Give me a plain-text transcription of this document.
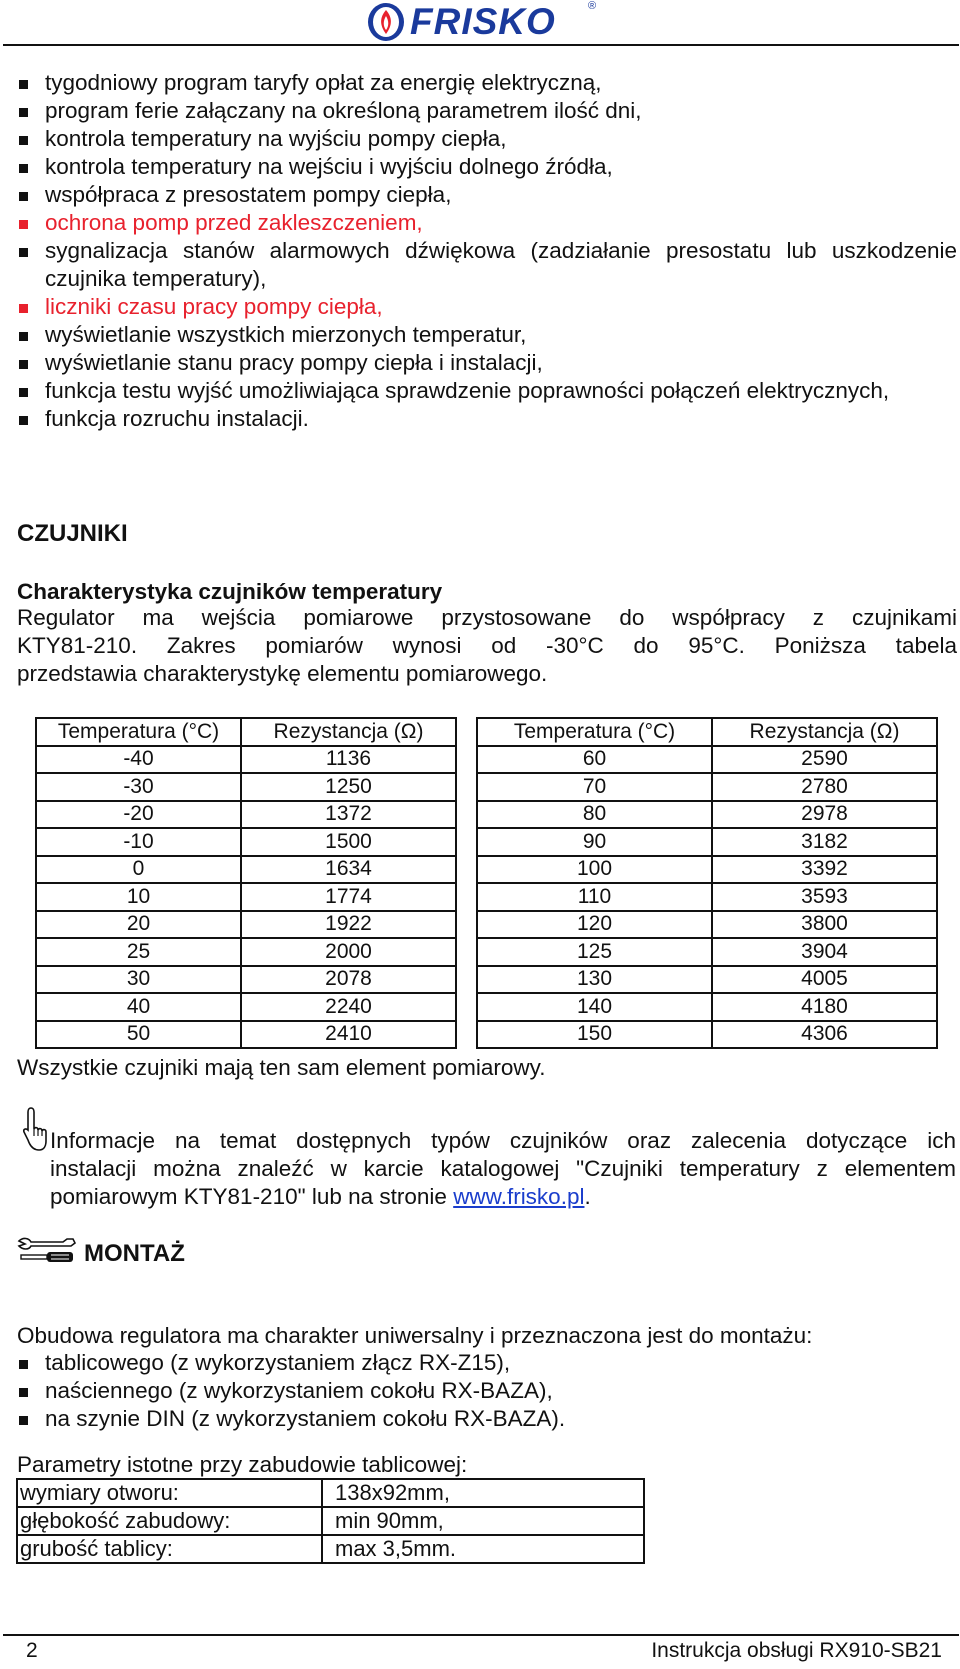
FRISKO	®
tygodniowy program taryfy opłat za energię elektryczną,
program ferie załączany na określoną parametrem ilość dni,
kontrola temperatury na wyjściu pompy ciepła,
kontrola temperatury na wejściu i wyjściu dolnego źródła,
współpraca z presostatem pompy ciepła,
ochrona pomp przed zakleszczeniem,
sygnalizacja stanów alarmowych dźwiękowa (zadziałanie presostatu lub uszkodzenie czujnika temperatury),
liczniki czasu pracy pompy ciepła,
wyświetlanie wszystkich mierzonych temperatur,
wyświetlanie stanu pracy pompy ciepła i instalacji,
funkcja testu wyjść umożliwiająca sprawdzenie poprawności połączeń elektrycznych,
funkcja rozruchu instalacji.
CZUJNIKI
Charakterystyka czujników temperatury
Regulator ma wejścia pomiarowe przystosowane do współpracy z czujnikami
KTY81-210. Zakres pomiarów wynosi od -30°C do 95°C. Poniższa tabela
przedstawia charakterystykę elementu pomiarowego.
Temperatura (°C)	Rezystancja (Ω)
-40	1136
-30	1250
-20	1372
-10	1500
0	1634
10	1774
20	1922
25	2000
30	2078
40	2240
50	2410
Temperatura (°C)	Rezystancja (Ω)
60	2590
70	2780
80	2978
90	3182
100	3392
110	3593
120	3800
125	3904
130	4005
140	4180
150	4306
Wszystkie czujniki mają ten sam element pomiarowy.
Informacje na temat dostępnych typów czujników oraz zalecenia dotyczące ich
instalacji można znaleźć w karcie katalogowej "Czujniki temperatury z elementem
pomiarowym KTY81-210" lub na stronie www.frisko.pl.
MONTAŻ
Obudowa regulatora ma charakter uniwersalny i przeznaczona jest do montażu:
tablicowego (z wykorzystaniem złącz RX-Z15),
naściennego (z wykorzystaniem cokołu RX-BAZA),
na szynie DIN (z wykorzystaniem cokołu RX-BAZA).
Parametry istotne przy zabudowie tablicowej:
wymiary otworu:	138x92mm,
głębokość zabudowy:	min 90mm,
grubość tablicy:	max 3,5mm.
2	Instrukcja obsługi RX910-SB21
